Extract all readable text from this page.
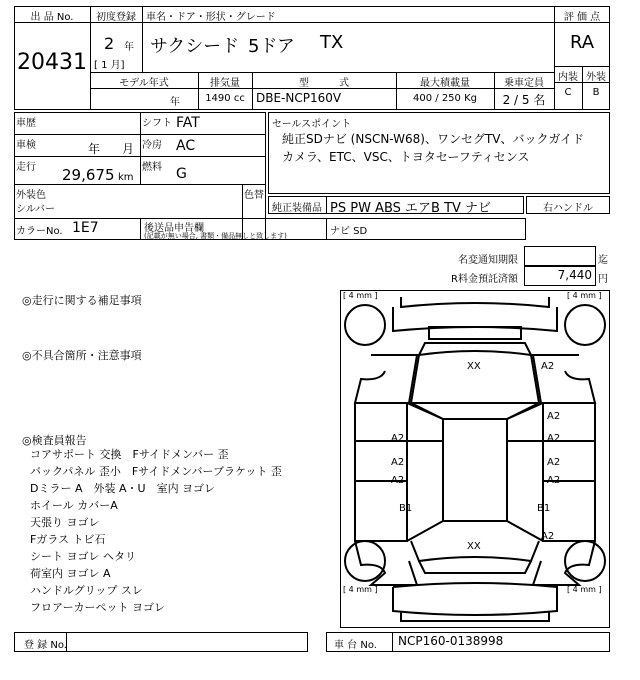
出 品 No.
20431
初度登録
2 年
[ 1 月]
車名・ドア・形状・グレード
サクシード 5ドア TX
モデル年式
年
排気量
1490 cc
型　　　式
DBE-NCP160V
最大積載量
400 / 250 Kg
乗車定員
2 / 5 名
評 価 点
RA
内装 外装
C	B
車歴	シフト FAT
車検	年 月 冷房 AC
走行 29,675 km
燃料 G
外装色
シルバー
色替
セールスポイント
純正SDナビ (NSCN-W68)、ワンセグTV、バックガイド
カメラ、ETC、VSC、トヨタセーフティセンス
純正装備品 PS PW ABS エアB TV ナビ	右ハンドル
カラーNo. 1E7	後送品申告欄
(記載が無い場合, 書類・備品無しと致します)	ナビ SD
名変通知期限	迄
R料金預託済額	7,440 円
◎走行に関する補足事項
◎不具合箇所・注意事項
◎検査員報告
コアサポート 交換　Fサイドメンバー 歪
バックパネル 歪小　Fサイドメンバーブラケット 歪
Dミラー A　外装 A・U　室内 ヨゴレ
ホイール カバーA
天張り ヨゴレ
Fガラス トビ石
シート ヨゴレ ヘタリ
荷室内 ヨゴレ A
ハンドルグリップ スレ
フロアーカーペット ヨゴレ
[ 4 mm ]	[ 4 mm ]
[ 4 mm ]	[ 4 mm ]
XX	A2
A2
A2	A2
A2	A2
A2	A2
B1	B1
A2
XX
登 録 No.	車 台 No. NCP160-0138998
